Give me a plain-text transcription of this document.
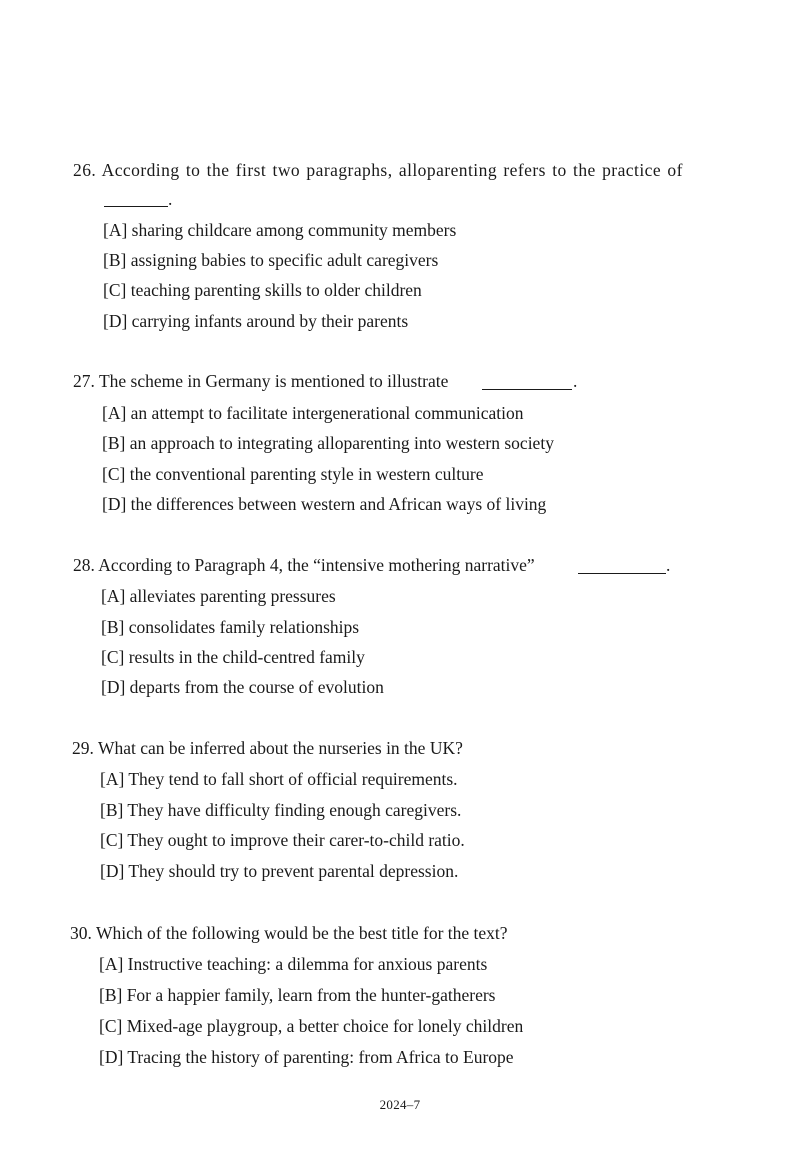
26. According to the first two paragraphs, alloparenting refers to the practice of
.
[A] sharing childcare among community members
[B] assigning babies to specific adult caregivers
[C] teaching parenting skills to older children
[D] carrying infants around by their parents
27. The scheme in Germany is mentioned to illustrate	.
[A] an attempt to facilitate intergenerational communication
[B] an approach to integrating alloparenting into western society
[C] the conventional parenting style in western culture
[D] the differences between western and African ways of living
28. According to Paragraph 4, the “intensive mothering narrative”	.
[A] alleviates parenting pressures
[B] consolidates family relationships
[C] results in the child-centred family
[D] departs from the course of evolution
29. What can be inferred about the nurseries in the UK?
[A] They tend to fall short of official requirements.
[B] They have difficulty finding enough caregivers.
[C] They ought to improve their carer-to-child ratio.
[D] They should try to prevent parental depression.
30. Which of the following would be the best title for the text?
[A] Instructive teaching: a dilemma for anxious parents
[B] For a happier family, learn from the hunter-gatherers
[C] Mixed-age playgroup, a better choice for lonely children
[D] Tracing the history of parenting: from Africa to Europe
2024–7
